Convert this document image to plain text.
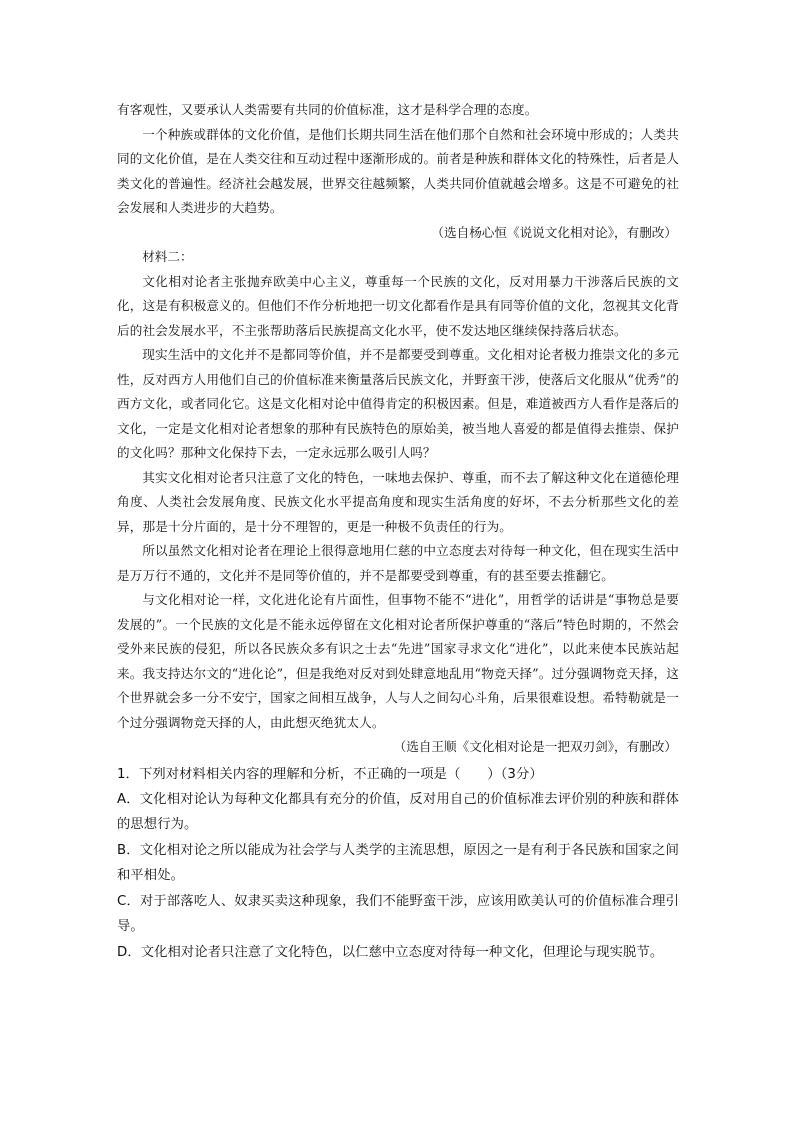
有客观性，又要承认人类需要有共同的价值标准，这才是科学合理的态度。

一个种族或群体的文化价值，是他们长期共同生活在他们那个自然和社会环境中形成的；人类共同的文化价值，是在人类交往和互动过程中逐渐形成的。前者是种族和群体文化的特殊性，后者是人类文化的普遍性。经济社会越发展，世界交往越频繁，人类共同价值就越会增多。这是不可避免的社会发展和人类进步的大趋势。

（选自杨心恒《说说文化相对论》，有删改）

材料二：

文化相对论者主张抛弃欧美中心主义，尊重每一个民族的文化，反对用暴力干涉落后民族的文化，这是有积极意义的。但他们不作分析地把一切文化都看作是具有同等价值的文化，忽视其文化背后的社会发展水平，不主张帮助落后民族提高文化水平，使不发达地区继续保持落后状态。

现实生活中的文化并不是都同等价值，并不是都要受到尊重。文化相对论者极力推崇文化的多元性，反对西方人用他们自己的价值标准来衡量落后民族文化，并野蛮干涉，使落后文化服从“优秀”的西方文化，或者同化它。这是文化相对论中值得肯定的积极因素。但是，难道被西方人看作是落后的文化，一定是文化相对论者想象的那种有民族特色的原始美，被当地人喜爱的都是值得去推崇、保护的文化吗？那种文化保持下去，一定永远那么吸引人吗？

其实文化相对论者只注意了文化的特色，一味地去保护、尊重，而不去了解这种文化在道德伦理角度、人类社会发展角度、民族文化水平提高角度和现实生活角度的好坏，不去分析那些文化的差异，那是十分片面的，是十分不理智的，更是一种极不负责任的行为。

所以虽然文化相对论者在理论上很得意地用仁慈的中立态度去对待每一种文化，但在现实生活中是万万行不通的，文化并不是同等价值的，并不是都要受到尊重，有的甚至要去推翻它。

与文化相对论一样，文化进化论有片面性，但事物不能不“进化”，用哲学的话讲是“事物总是要发展的”。一个民族的文化是不能永远停留在文化相对论者所保护尊重的“落后”特色时期的，不然会受外来民族的侵犯，所以各民族众多有识之士去“先进”国家寻求文化“进化”，以此来使本民族站起来。我支持达尔文的“进化论”，但是我绝对反对到处肆意地乱用“物竞天择”。过分强调物竞天择，这个世界就会多一分不安宁，国家之间相互战争，人与人之间勾心斗角，后果很难设想。希特勒就是一个过分强调物竞天择的人，由此想灭绝犹太人。

（选自王顺《文化相对论是一把双刃剑》，有删改）

1．下列对材料相关内容的理解和分析，不正确的一项是（　　）（3分）

A．文化相对论认为每种文化都具有充分的价值，反对用自己的价值标准去评价别的种族和群体的思想行为。

B．文化相对论之所以能成为社会学与人类学的主流思想，原因之一是有利于各民族和国家之间和平相处。

C．对于部落吃人、奴隶买卖这种现象，我们不能野蛮干涉，应该用欧美认可的价值标准合理引导。

D．文化相对论者只注意了文化特色，以仁慈中立态度对待每一种文化，但理论与现实脱节。
